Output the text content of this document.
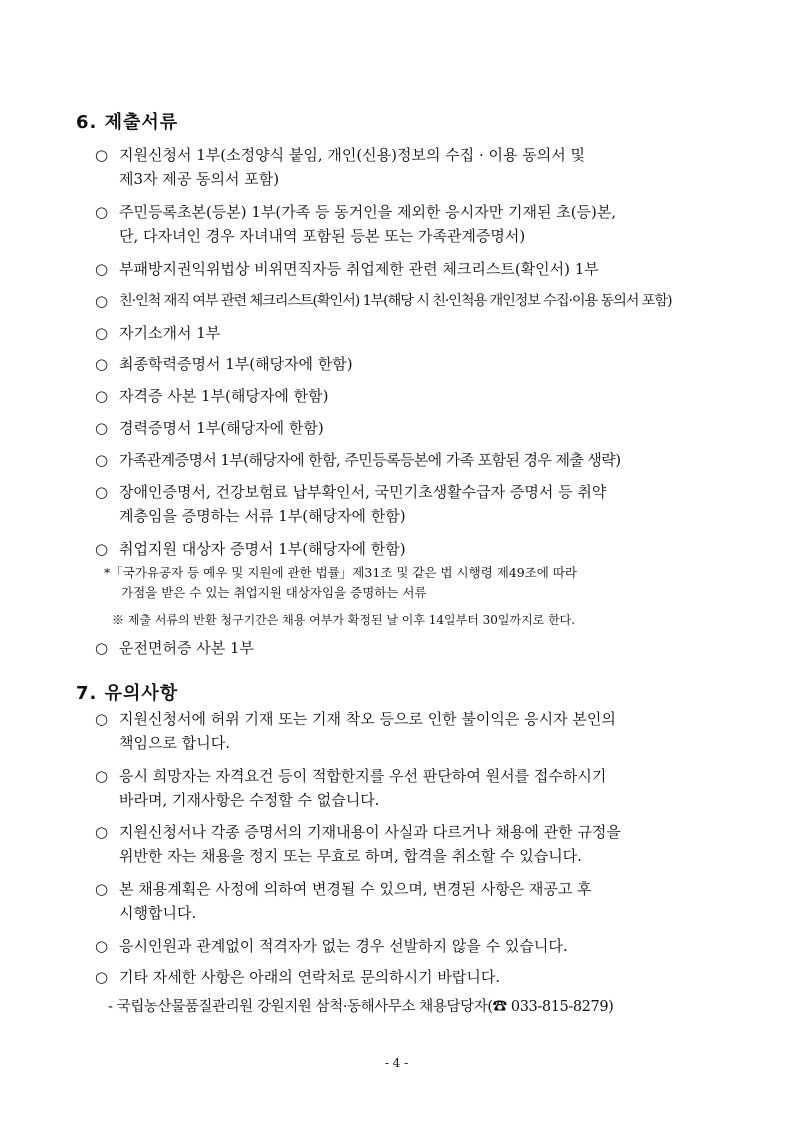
6. 제출서류
○ 지원신청서 1부(소정양식 붙임, 개인(신용)정보의 수집 · 이용 동의서 및
제3자 제공 동의서 포함)
○ 주민등록초본(등본) 1부(가족 등 동거인을 제외한 응시자만 기재된 초(등)본,
단, 다자녀인 경우 자녀내역 포함된 등본 또는 가족관계증명서)
○ 부패방지권익위법상 비위면직자등 취업제한 관련 체크리스트(확인서) 1부
○ 친·인척 재직 여부 관련 체크리스트(확인서) 1부(해당 시 친·인척용 개인정보 수집·이용 동의서 포함)
○ 자기소개서 1부
○ 최종학력증명서 1부(해당자에 한함)
○ 자격증 사본 1부(해당자에 한함)
○ 경력증명서 1부(해당자에 한함)
○ 가족관계증명서 1부(해당자에 한함, 주민등록등본에 가족 포함된 경우 제출 생략)
○ 장애인증명서, 건강보험료 납부확인서, 국민기초생활수급자 증명서 등 취약
계층임을 증명하는 서류 1부(해당자에 한함)
○ 취업지원 대상자 증명서 1부(해당자에 한함)
*「국가유공자 등 예우 및 지원에 관한 법률」제31조 및 같은 법 시행령 제49조에 따라
가점을 받은 수 있는 취업지원 대상자임을 증명하는 서류
※ 제출 서류의 반환 청구기간은 채용 여부가 확정된 날 이후 14일부터 30일까지로 한다.
○ 운전면허증 사본 1부
7. 유의사항
○ 지원신청서에 허위 기재 또는 기재 착오 등으로 인한 불이익은 응시자 본인의
책임으로 합니다.
○ 응시 희망자는 자격요건 등이 적합한지를 우선 판단하여 원서를 접수하시기
바라며, 기재사항은 수정할 수 없습니다.
○ 지원신청서나 각종 증명서의 기재내용이 사실과 다르거나 채용에 관한 규정을
위반한 자는 채용을 정지 또는 무효로 하며, 합격을 취소할 수 있습니다.
○ 본 채용계획은 사정에 의하여 변경될 수 있으며, 변경된 사항은 재공고 후
시행합니다.
○ 응시인원과 관계없이 적격자가 없는 경우 선발하지 않을 수 있습니다.
○ 기타 자세한 사항은 아래의 연락처로 문의하시기 바랍니다.
- 국립농산물품질관리원 강원지원 삼척·동해사무소 채용담당자(☎ 033-815-8279)
- 4 -
